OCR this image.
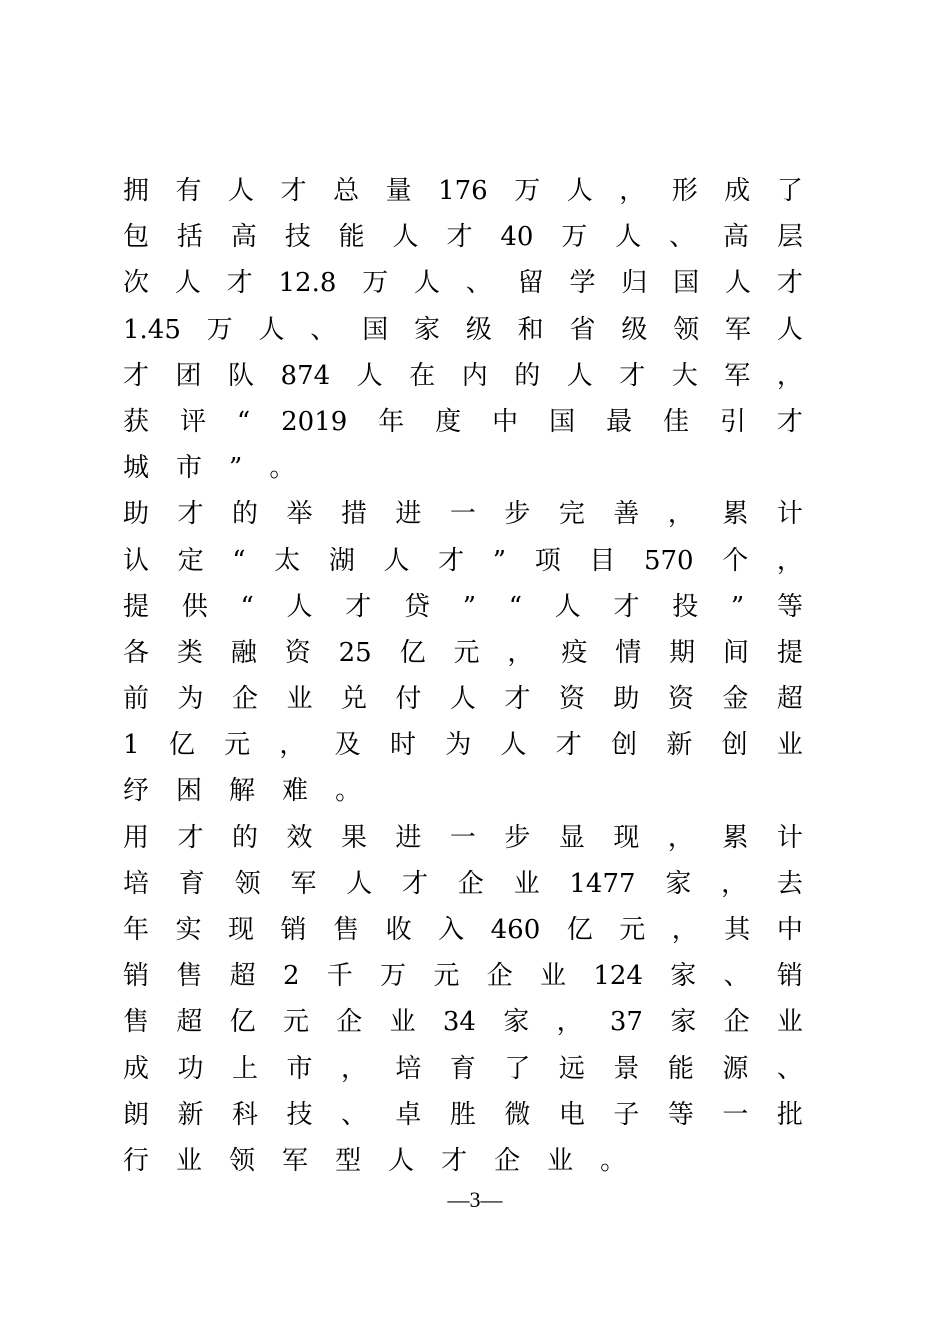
拥 有 人 才 总 量 176 万 人 ， 形 成 了
包 括 高 技 能 人 才 40 万 人 、 高 层
次 人 才 12.8 万 人 、 留 学 归 国 人 才
1.45 万 人 、 国 家 级 和 省 级 领 军 人
才 团 队 874 人 在 内 的 人 才 大 军 ，
获 评 “ 2019 年 度 中 国 最 佳 引 才
城 市 ” 。
助 才 的 举 措 进 一 步 完 善 ， 累 计
认 定 “ 太 湖 人 才 ” 项 目 570 个 ，
提 供 “ 人 才 贷 ” “ 人 才 投 ” 等
各 类 融 资 25 亿 元 ， 疫 情 期 间 提
前 为 企 业 兑 付 人 才 资 助 资 金 超
1 亿 元 ， 及 时 为 人 才 创 新 创 业
纾 困 解 难 。
用 才 的 效 果 进 一 步 显 现 ， 累 计
培 育 领 军 人 才 企 业 1477 家 ， 去
年 实 现 销 售 收 入 460 亿 元 ， 其 中
销 售 超 2 千 万 元 企 业 124 家 、 销
售 超 亿 元 企 业 34 家 ， 37 家 企 业
成 功 上 市 ， 培 育 了 远 景 能 源 、
朗 新 科 技 、 卓 胜 微 电 子 等 一 批
行 业 领 军 型 人 才 企 业 。
—3—
